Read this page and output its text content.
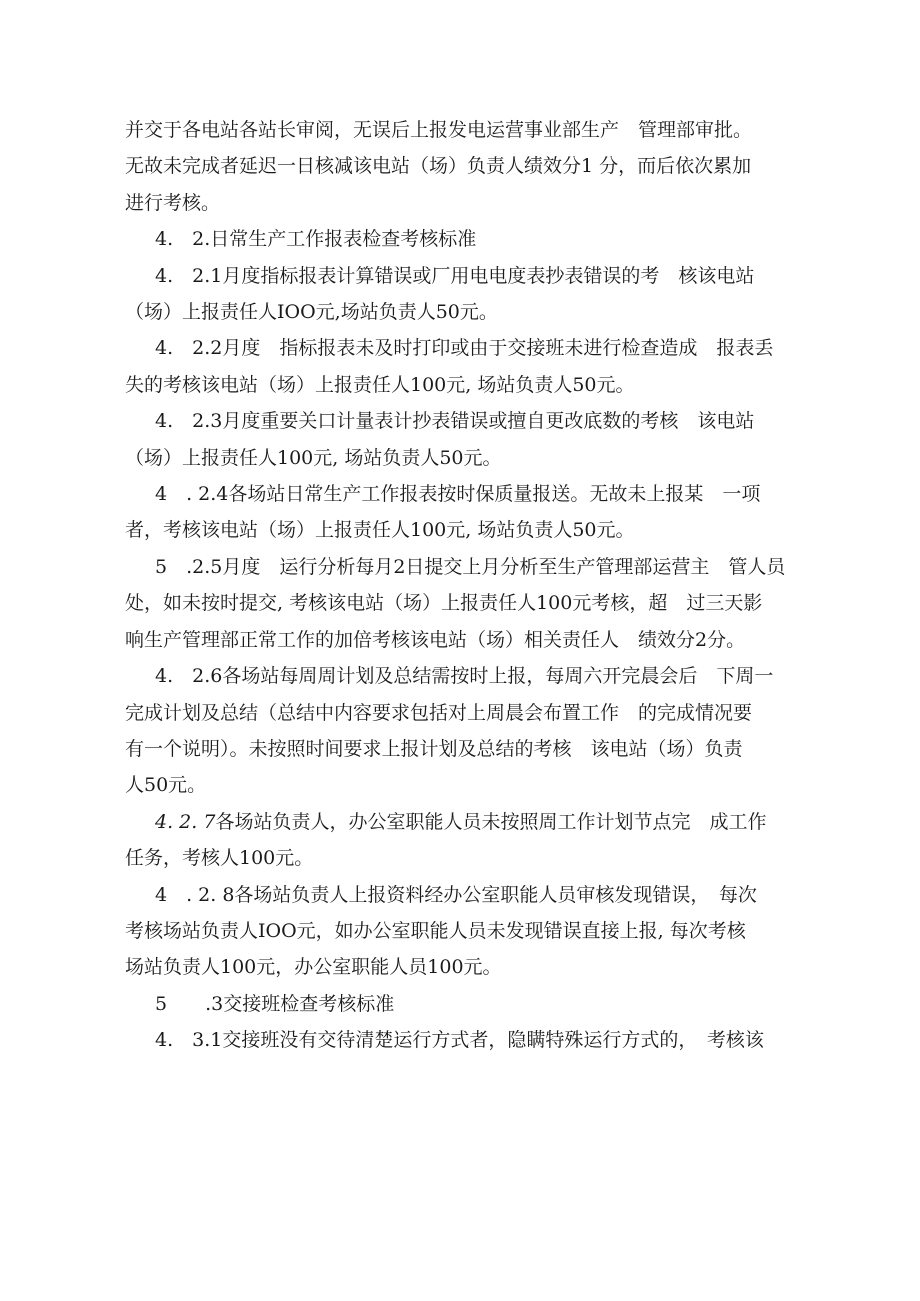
并交于各电站各站长审阅，无误后上报发电运营事业部生产　管理部审批。
无故未完成者延迟一日核减该电站（场）负责人绩效分1 分，而后依次累加
进行考核。

4.　2.日常生产工作报表检查考核标准

4.　2.1月度指标报表计算错误或厂用电电度表抄表错误的考　核该电站
（场）上报责任人IOO元,场站负责人50元。

4.　2.2月度　指标报表未及时打印或由于交接班未进行检查造成　报表丢
失的考核该电站（场）上报责任人100元, 场站负责人50元。

4.　2.3月度重要关口计量表计抄表错误或擅自更改底数的考核　该电站
（场）上报责任人100元, 场站负责人50元。

4　. 2.4各场站日常生产工作报表按时保质量报送。无故未上报某　一项
者，考核该电站（场）上报责任人100元, 场站负责人50元。

5　.2.5月度　运行分析每月2日提交上月分析至生产管理部运营主　管人员
处，如未按时提交, 考核该电站（场）上报责任人100元考核，超　过三天影
响生产管理部正常工作的加倍考核该电站（场）相关责任人　绩效分2分。

4.　2.6各场站每周周计划及总结需按时上报，每周六开完晨会后　下周一
完成计划及总结（总结中内容要求包括对上周晨会布置工作　的完成情况要
有一个说明）。未按照时间要求上报计划及总结的考核　该电站（场）负责
人50元。

4. 2. 7各场站负责人，办公室职能人员未按照周工作计划节点完　成工作
任务，考核人100元。

4　. 2. 8各场站负责人上报资料经办公室职能人员审核发现错误，　每次
考核场站负责人IOO元，如办公室职能人员未发现错误直接上报, 每次考核
场站负责人100元，办公室职能人员100元。

5　　.3交接班检查考核标准

4.　3.1交接班没有交待清楚运行方式者，隐瞒特殊运行方式的，　考核该
